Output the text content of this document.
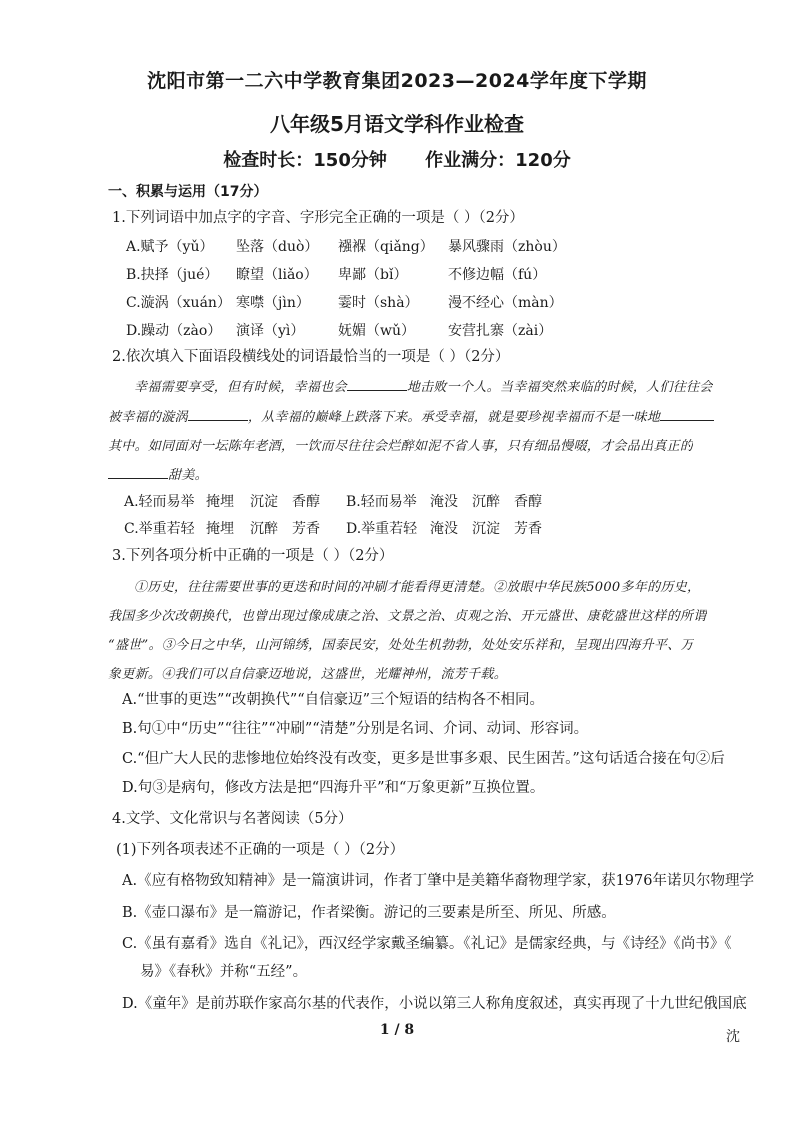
沈阳市第一二六中学教育集团2023—2024学年度下学期
八年级5月语文学科作业检查
检查时长：150分钟 作业满分：120分
一、积累与运用（17分）
1.下列词语中加点字的字音、字形完全正确的一项是（ ）（2分）
A.赋予（yǔ） 坠落（duò） 襁褓（qiǎng） 暴风骤雨（zhòu）
B.抉择（jué） 瞭望（liǎo） 卑鄙（bǐ）	不修边幅（fú）
C.漩涡（xuán） 寒噤（jìn） 霎时（shà） 漫不经心（màn）
D.躁动（zào） 演译（yì） 妩媚（wǔ） 安营扎寨（zài）
2.依次填入下面语段横线处的词语最恰当的一项是（ ）（2分）
幸福需要享受，但有时候，幸福也会	地击败一个人。当幸福突然来临的时候，人们往往会
被幸福的漩涡	，从幸福的巅峰上跌落下来。承受幸福，就是要珍视幸福而不是一味地
其中。如同面对一坛陈年老酒，一饮而尽往往会烂醉如泥不省人事，只有细品慢啜，才会品出真正的
甜美。
A.轻而易举 掩埋 沉淀 香醇 B.轻而易举 淹没 沉醉 香醇
C.举重若轻 掩埋 沉醉 芳香 D.举重若轻 淹没 沉淀 芳香
3.下列各项分析中正确的一项是（ ）（2分）
①历史，往往需要世事的更迭和时间的冲刷才能看得更清楚。②放眼中华民族5000多年的历史，
我国多少次改朝换代，也曾出现过像成康之治、文景之治、贞观之治、开元盛世、康乾盛世这样的所谓
“盛世”。③今日之中华，山河锦绣，国泰民安，处处生机勃勃，处处安乐祥和，呈现出四海升平、万
象更新。④我们可以自信豪迈地说，这盛世，光耀神州，流芳千载。
A.“世事的更迭”“改朝换代”“自信豪迈”三个短语的结构各不相同。
B.句①中“历史”“往往”“冲刷”“清楚”分别是名词、介词、动词、形容词。
C.“但广大人民的悲惨地位始终没有改变，更多是世事多艰、民生困苦。”这句话适合接在句②后
D.句③是病句，修改方法是把“四海升平”和“万象更新”互换位置。
4.文学、文化常识与名著阅读（5分）
(1)下列各项表述不正确的一项是（ ）（2分）
A.《应有格物致知精神》是一篇演讲词，作者丁肇中是美籍华裔物理学家，获1976年诺贝尔物理学
B.《壶口瀑布》是一篇游记，作者梁衡。游记的三要素是所至、所见、所感。
C.《虽有嘉肴》选自《礼记》，西汉经学家戴圣编纂。《礼记》是儒家经典，与《诗经》《尚书》《
易》《春秋》并称“五经”。
D.《童年》是前苏联作家高尔基的代表作，小说以第三人称角度叙述，真实再现了十九世纪俄国底
1 / 8	沈
